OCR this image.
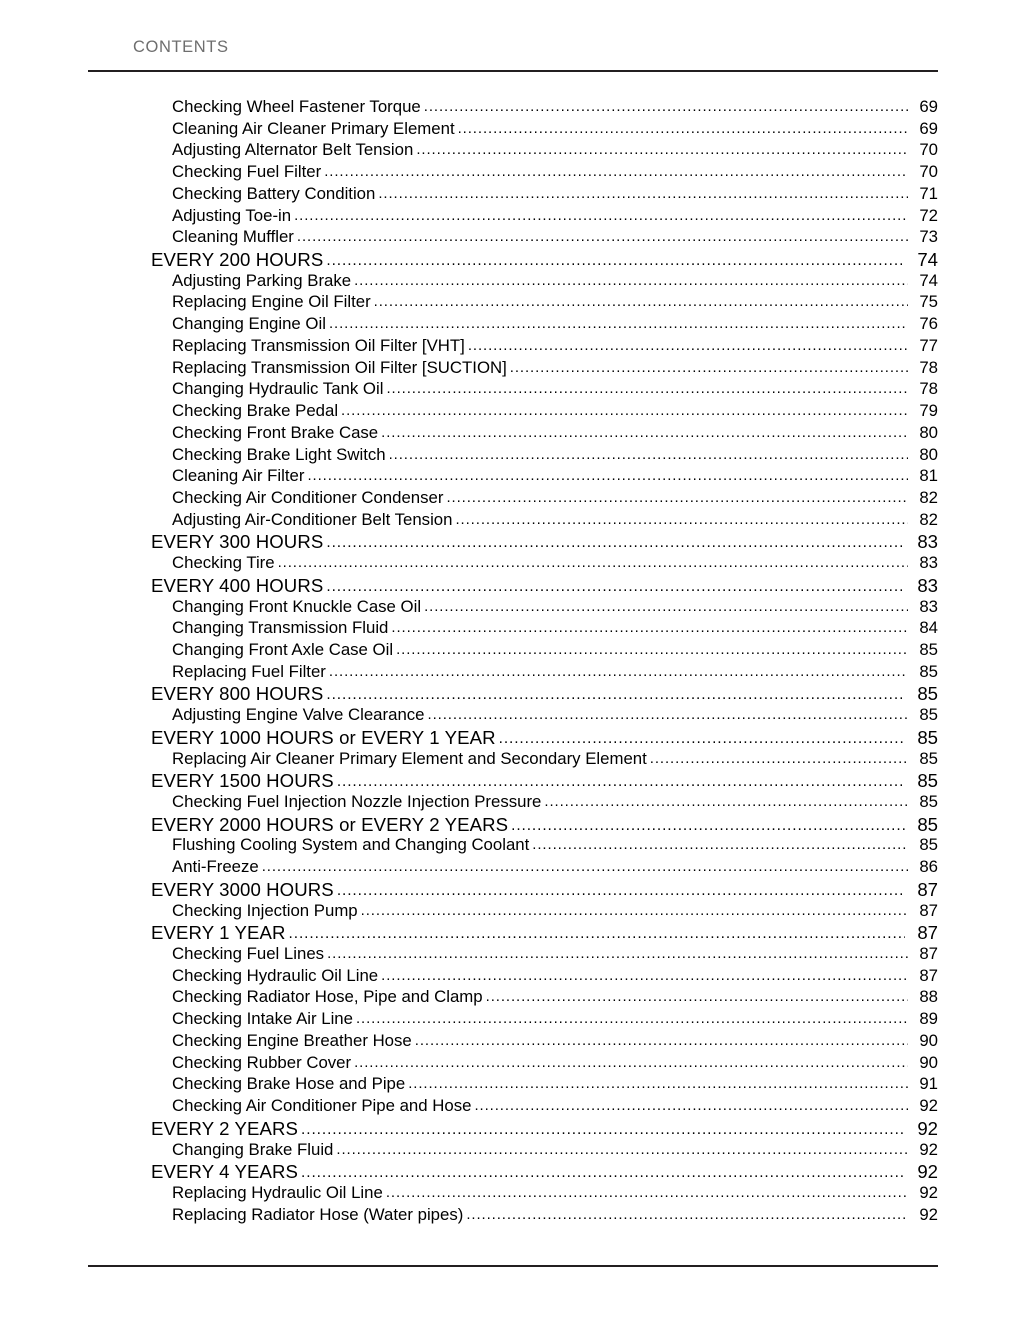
CONTENTS
Checking Wheel Fastener Torque .....	69
Cleaning Air Cleaner Primary Element .....	69
Adjusting Alternator Belt Tension .....	70
Checking Fuel Filter .....	70
Checking Battery Condition .....	71
Adjusting Toe-in .....	72
Cleaning Muffler .....	73
EVERY 200 HOURS .....	74
Adjusting Parking Brake .....	74
Replacing Engine Oil Filter .....	75
Changing Engine Oil .....	76
Replacing Transmission Oil Filter [VHT] .....	77
Replacing Transmission Oil Filter [SUCTION] .....	78
Changing Hydraulic Tank Oil .....	78
Checking Brake Pedal .....	79
Checking Front Brake Case .....	80
Checking Brake Light Switch .....	80
Cleaning Air Filter .....	81
Checking Air Conditioner Condenser .....	82
Adjusting Air-Conditioner Belt Tension .....	82
EVERY 300 HOURS .....	83
Checking Tire .....	83
EVERY 400 HOURS .....	83
Changing Front Knuckle Case Oil .....	83
Changing Transmission Fluid .....	84
Changing Front Axle Case Oil .....	85
Replacing Fuel Filter .....	85
EVERY 800 HOURS .....	85
Adjusting Engine Valve Clearance .....	85
EVERY 1000 HOURS or EVERY 1 YEAR .....	85
Replacing Air Cleaner Primary Element and Secondary Element .....	85
EVERY 1500 HOURS .....	85
Checking Fuel Injection Nozzle Injection Pressure .....	85
EVERY 2000 HOURS or EVERY 2 YEARS .....	85
Flushing Cooling System and Changing Coolant .....	85
Anti-Freeze .....	86
EVERY 3000 HOURS .....	87
Checking Injection Pump .....	87
EVERY 1 YEAR .....	87
Checking Fuel Lines .....	87
Checking Hydraulic Oil Line .....	87
Checking Radiator Hose, Pipe and Clamp .....	88
Checking Intake Air Line .....	89
Checking Engine Breather Hose .....	90
Checking Rubber Cover .....	90
Checking Brake Hose and Pipe .....	91
Checking Air Conditioner Pipe and Hose .....	92
EVERY 2 YEARS .....	92
Changing Brake Fluid .....	92
EVERY 4 YEARS .....	92
Replacing Hydraulic Oil Line .....	92
Replacing Radiator Hose (Water pipes) .....	92
